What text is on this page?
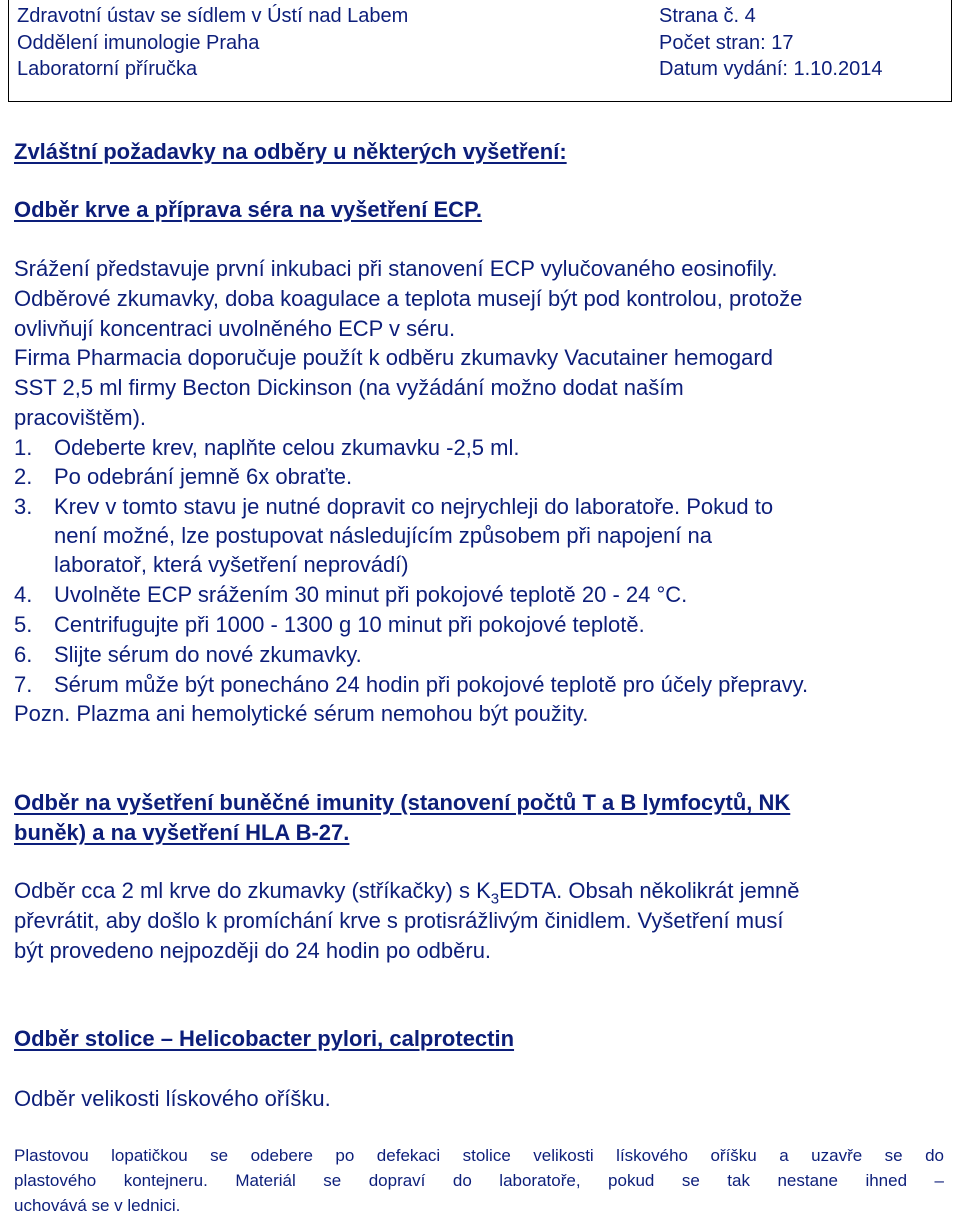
Zdravotní ústav se sídlem v Ústí nad Labem	Strana č. 4
Oddělení imunologie Praha	Počet stran: 17
Laboratorní příručka	Datum vydání: 1.10.2014
Zvláštní požadavky na odběry u některých vyšetření:
Odběr krve a příprava séra na vyšetření ECP.
Srážení představuje první inkubaci při stanovení ECP vylučovaného eosinofily.
Odběrové zkumavky, doba koagulace a teplota musejí být pod kontrolou, protože
ovlivňují koncentraci uvolněného ECP v séru.
Firma Pharmacia doporučuje použít k odběru zkumavky Vacutainer hemogard
SST 2,5 ml firmy Becton Dickinson (na vyžádání možno dodat naším
pracovištěm).
1. Odeberte krev, naplňte celou zkumavku -2,5 ml.
2. Po odebrání jemně 6x obraťte.
3. Krev v tomto stavu je nutné dopravit co nejrychleji do laboratoře. Pokud to
není možné, lze postupovat následujícím způsobem při napojení na
laboratoř, která vyšetření neprovádí)
4. Uvolněte ECP srážením 30 minut při pokojové teplotě 20 - 24 °C.
5. Centrifugujte při 1000 - 1300 g 10 minut při pokojové teplotě.
6. Slijte sérum do nové zkumavky.
7. Sérum může být ponecháno 24 hodin při pokojové teplotě pro účely přepravy.
Pozn. Plazma ani hemolytické sérum nemohou být použity.
Odběr na vyšetření buněčné imunity (stanovení počtů T a B lymfocytů, NK
buněk) a na vyšetření HLA B-27.
Odběr cca 2 ml krve do zkumavky (stříkačky) s $K_3EDTA$. Obsah několikrát jemně
převrátit, aby došlo k promíchání krve s protisrážlivým činidlem. Vyšetření musí
být provedeno nejpozději do 24 hodin po odběru.
Odběr stolice – Helicobacter pylori, calprotectin
Odběr velikosti lískového oříšku.
Plastovou lopatičkou se odebere po defekaci stolice velikosti lískového oříšku a uzavře se do
plastového kontejneru. Materiál se dopraví do laboratoře, pokud se tak nestane ihned –
uchovává se v lednici.
